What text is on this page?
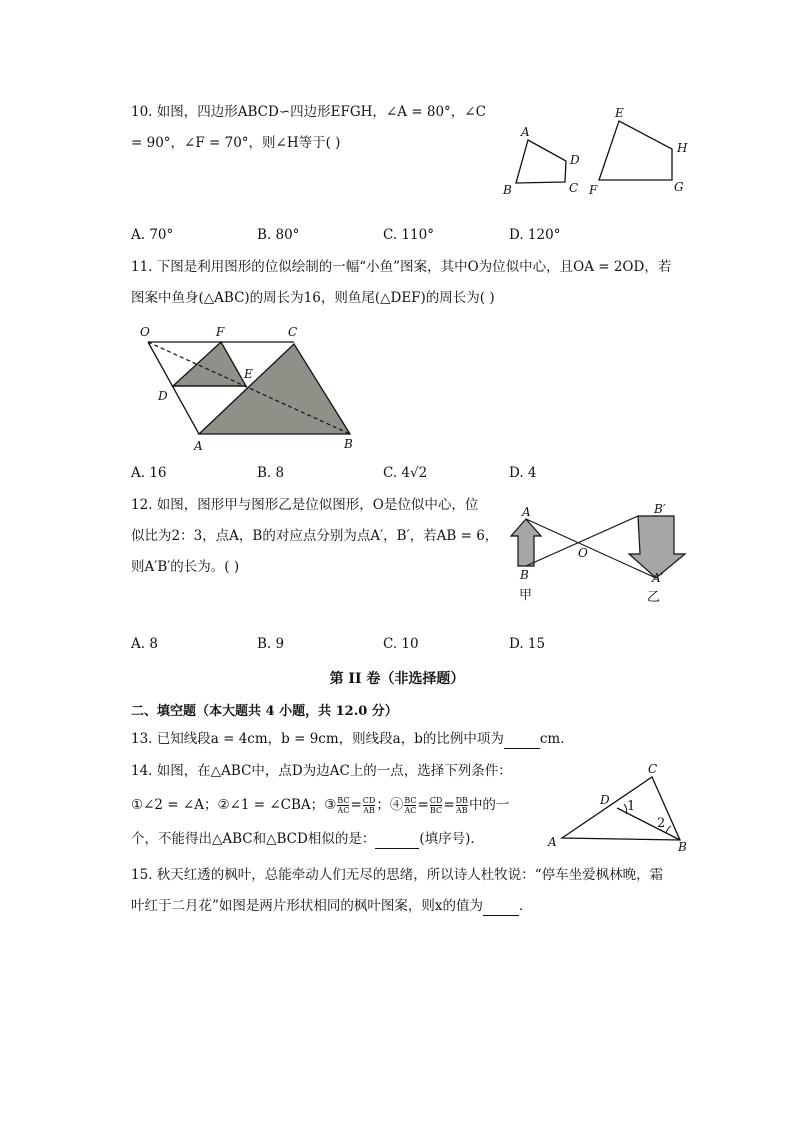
10. 如图，四边形ABCD∽四边形EFGH，∠A = 80°，∠C
= 90°，∠F = 70°，则∠H等于( )
A
B	C
D
E
F	G
H
A. 70°	B. 80°	C. 110°	D. 120°
11. 下图是利用图形的位似绘制的一幅“小鱼”图案，其中O为位似中心，且OA = 2OD，若
图案中鱼身(△ABC)的周长为16，则鱼尾(△DEF)的周长为( )
O	F	C
E
D
A	B
A. 16	B. 8	C. 4√2	D. 4
12. 如图，图形甲与图形乙是位似图形，O是位似中心，位
似比为2：3，点A，B的对应点分别为点A′，B′，若AB = 6，
则A′B′的长为。( )
A
B
O
B′
A′
甲	乙
A. 8	B. 9	C. 10	D. 15
第 II 卷（非选择题）
二、填空题（本大题共 4 小题，共 12.0 分）
13. 已知线段a = 4cm，b = 9cm，则线段a，b的比例中项为	cm．
14. 如图，在△ABC中，点D为边AC上的一点，选择下列条件：
①∠2 = ∠A；②∠1 = ∠CBA；③ $\frac{BC}{AC} = \frac{CD}{AB}$ ；④ $\frac{BC}{AC} = \frac{CD}{BC} = \frac{DB}{AB}$ 中的一
个，不能得出△ABC和△BCD相似的是：	(填序号)．	A	B
C
D 1
2
15. 秋天红透的枫叶，总能牵动人们无尽的思绪，所以诗人杜牧说：“停车坐爱枫林晚，霜
叶红于二月花”如图是两片形状相同的枫叶图案，则x的值为	．
